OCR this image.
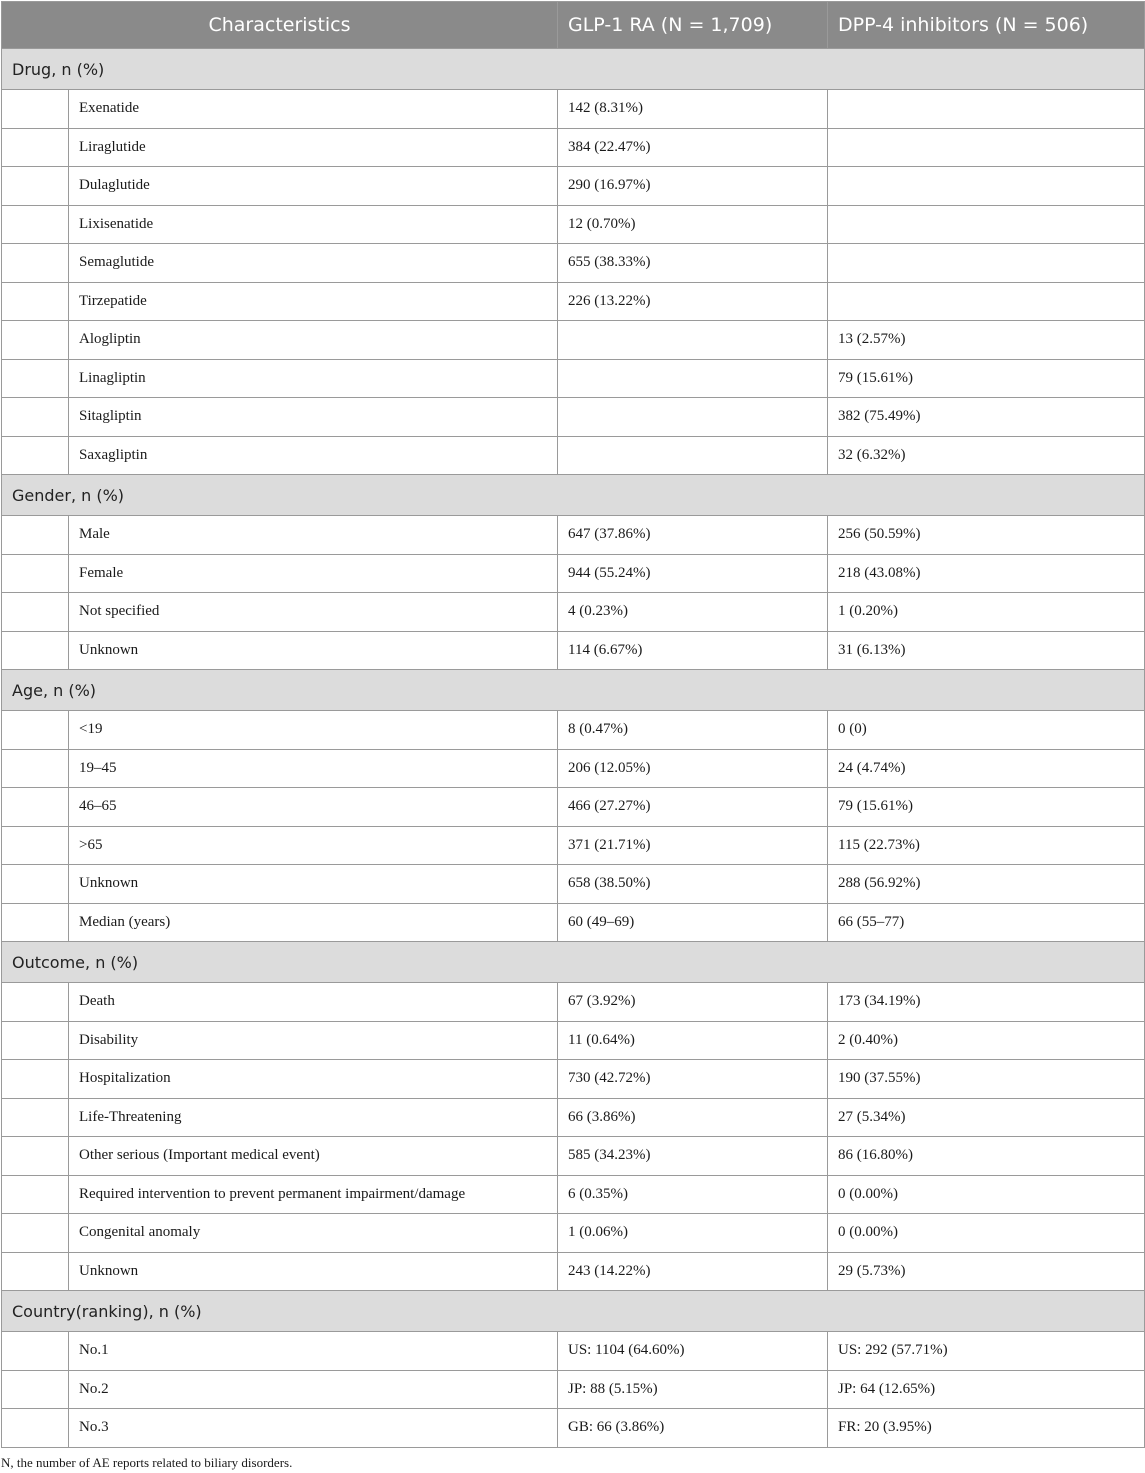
Characteristics		GLP-1 RA (N = 1,709)	DPP-4 inhibitors (N = 506)
Drug, n (%)			
	Exenatide	142 (8.31%)	
	Liraglutide	384 (22.47%)	
	Dulaglutide	290 (16.97%)	
	Lixisenatide	12 (0.70%)	
	Semaglutide	655 (38.33%)	
	Tirzepatide	226 (13.22%)	
	Alogliptin		13 (2.57%)
	Linagliptin		79 (15.61%)
	Sitagliptin		382 (75.49%)
	Saxagliptin		32 (6.32%)
Gender, n (%)			
	Male	647 (37.86%)	256 (50.59%)
	Female	944 (55.24%)	218 (43.08%)
	Not specified	4 (0.23%)	1 (0.20%)
	Unknown	114 (6.67%)	31 (6.13%)
Age, n (%)			
	<19	8 (0.47%)	0 (0)
	19–45	206 (12.05%)	24 (4.74%)
	46–65	466 (27.27%)	79 (15.61%)
	>65	371 (21.71%)	115 (22.73%)
	Unknown	658 (38.50%)	288 (56.92%)
	Median (years)	60 (49–69)	66 (55–77)
Outcome, n (%)			
	Death	67 (3.92%)	173 (34.19%)
	Disability	11 (0.64%)	2 (0.40%)
	Hospitalization	730 (42.72%)	190 (37.55%)
	Life-Threatening	66 (3.86%)	27 (5.34%)
	Other serious (Important medical event)	585 (34.23%)	86 (16.80%)
	Required intervention to prevent permanent impairment/damage	6 (0.35%)	0 (0.00%)
	Congenital anomaly	1 (0.06%)	0 (0.00%)
	Unknown	243 (14.22%)	29 (5.73%)
Country(ranking), n (%)			
	No.1	US: 1104 (64.60%)	US: 292 (57.71%)
	No.2	JP: 88 (5.15%)	JP: 64 (12.65%)
	No.3	GB: 66 (3.86%)	FR: 20 (3.95%)

N, the number of AE reports related to biliary disorders.
